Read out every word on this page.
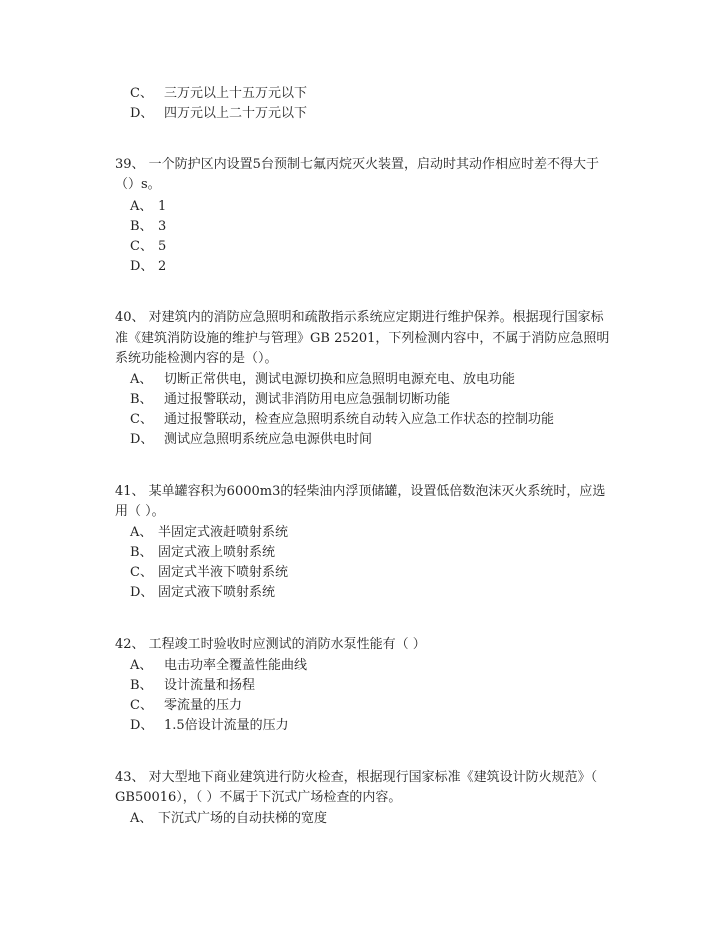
C、 三万元以上十五万元以下
D、 四万元以上二十万元以下
39、 一个防护区内设置5台预制七氟丙烷灭火装置，启动时其动作相应时差不得大于
（）s。
A、 1
B、 3
C、 5
D、 2
40、 对建筑内的消防应急照明和疏散指示系统应定期进行维护保养。根据现行国家标
准《建筑消防设施的维护与管理》GB 25201，下列检测内容中，不属于消防应急照明
系统功能检测内容的是（）。
A、 切断正常供电，测试电源切换和应急照明电源充电、放电功能
B、 通过报警联动，测试非消防用电应急强制切断功能
C、 通过报警联动，检查应急照明系统自动转入应急工作状态的控制功能
D、 测试应急照明系统应急电源供电时间
41、 某单罐容积为6000m3的轻柴油内浮顶储罐，设置低倍数泡沫灭火系统时，应选
用（ ）。
A、 半固定式液赶喷射系统
B、 固定式液上喷射系统
C、 固定式半液下喷射系统
D、 固定式液下喷射系统
42、 工程竣工时验收时应测试的消防水泵性能有（ ）
A、 电击功率全覆盖性能曲线
B、 设计流量和扬程
C、 零流量的压力
D、 1.5倍设计流量的压力
43、 对大型地下商业建筑进行防火检查，根据现行国家标准《建筑设计防火规范》（
GB50016），（ ）不属于下沉式广场检查的内容。
A、 下沉式广场的自动扶梯的宽度
